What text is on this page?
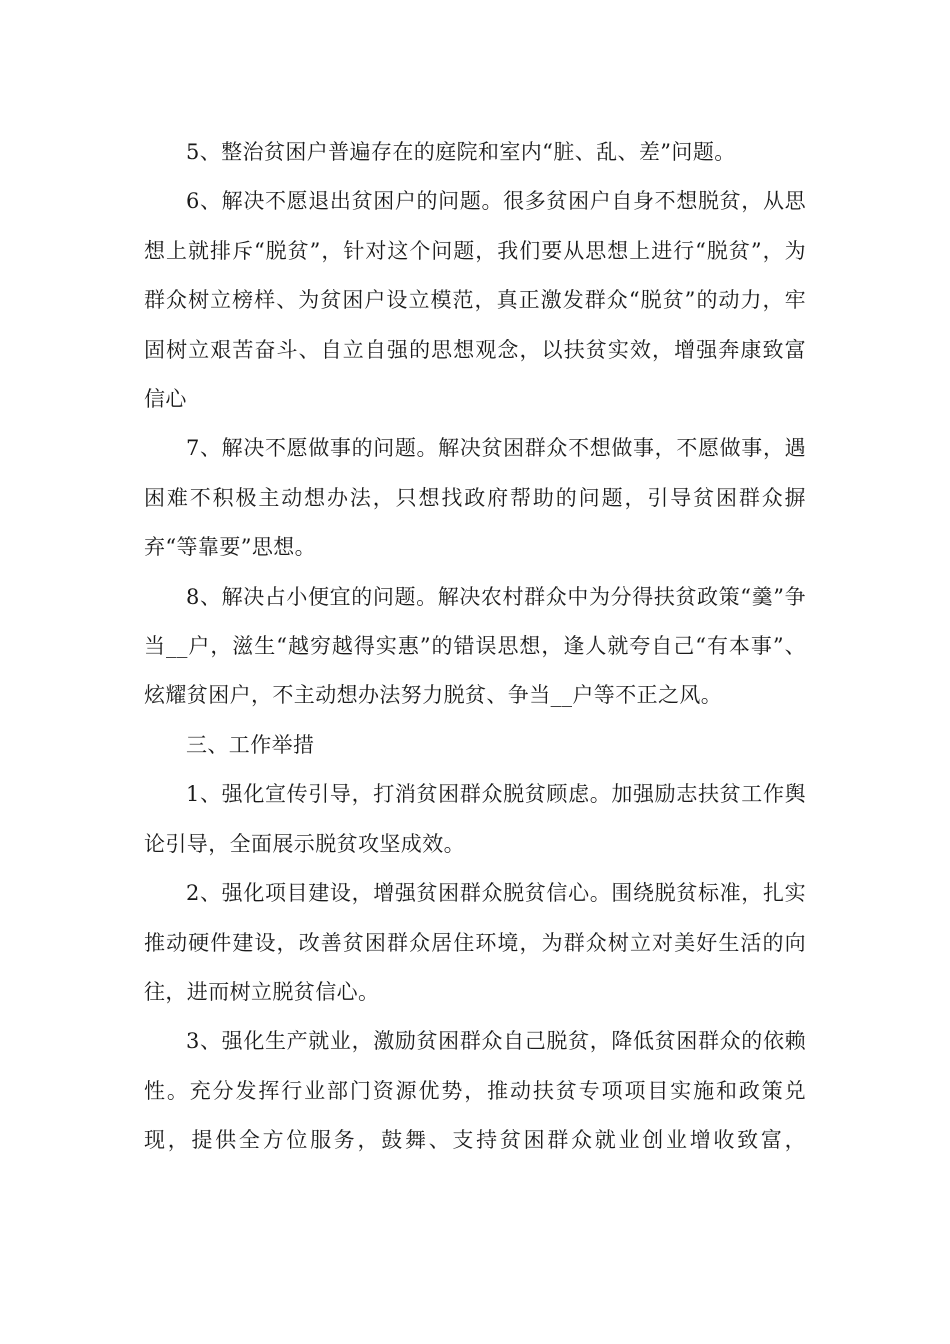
5、整治贫困户普遍存在的庭院和室内“脏、乱、差”问题。

6、解决不愿退出贫困户的问题。很多贫困户自身不想脱贫，从思想上就排斥“脱贫”，针对这个问题，我们要从思想上进行“脱贫”，为群众树立榜样、为贫困户设立模范，真正激发群众“脱贫”的动力，牢固树立艰苦奋斗、自立自强的思想观念，以扶贫实效，增强奔康致富信心

7、解决不愿做事的问题。解决贫困群众不想做事，不愿做事，遇困难不积极主动想办法，只想找政府帮助的问题，引导贫困群众摒弃“等靠要”思想。

8、解决占小便宜的问题。解决农村群众中为分得扶贫政策“羹”争当__户，滋生“越穷越得实惠”的错误思想，逢人就夸自己“有本事”、炫耀贫困户，不主动想办法努力脱贫、争当__户等不正之风。

三、工作举措

1、强化宣传引导，打消贫困群众脱贫顾虑。加强励志扶贫工作舆论引导，全面展示脱贫攻坚成效。

2、强化项目建设，增强贫困群众脱贫信心。围绕脱贫标准，扎实推动硬件建设，改善贫困群众居住环境，为群众树立对美好生活的向往，进而树立脱贫信心。

3、强化生产就业，激励贫困群众自己脱贫，降低贫困群众的依赖性。充分发挥行业部门资源优势，推动扶贫专项项目实施和政策兑现，提供全方位服务，鼓舞、支持贫困群众就业创业增收致富，
